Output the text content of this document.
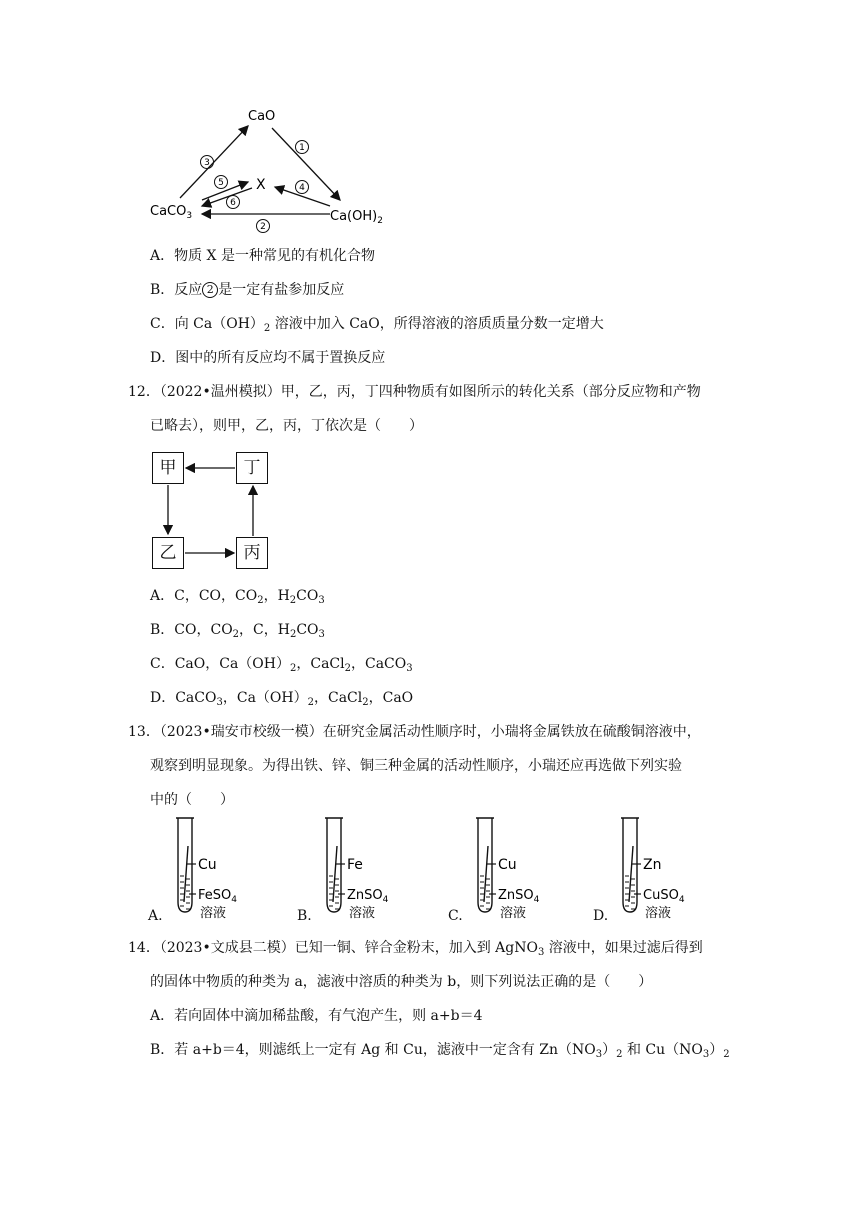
CaO
X
CaCO$_3$	$Ca(OH)_2$
1
3
5
6
4
2
A．物质 X 是一种常见的有机化合物
B．反应 2 是一定有盐参加反应
C．向 $Ca(OH)_2$ 溶液中加入 CaO，所得溶液的溶质质量分数一定增大
D．图中的所有反应均不属于置换反应
12．（2022•温州模拟）甲，乙，丙，丁四种物质有如图所示的转化关系（部分反应物和产物
已略去），则甲，乙，丙，丁依次是（　　）
甲	丁
乙	丙
A．C，CO，$CO_2$，$H_2CO_3$
B．CO，$CO_2$，C，$H_2CO_3$
C．CaO，$Ca(OH)_2$，CaCl$_2$，CaCO$_3$
D．CaCO$_3$，$Ca(OH)_2$，CaCl$_2$，CaO
13．（2023•瑞安市校级一模）在研究金属活动性顺序时，小瑞将金属铁放在硫酸铜溶液中，
观察到明显现象。为得出铁、锌、铜三种金属的活动性顺序，小瑞还应再选做下列实验
中的（　　）
A.
Cu
FeSO$_4$
溶液	B.
Fe
ZnSO$_4$
溶液	C.
Cu
ZnSO$_4$
溶液	D.
Zn
CuSO$_4$
溶液
14．（2023•文成县二模）已知一铜、锌合金粉末，加入到 AgNO$_3$ 溶液中，如果过滤后得到
的固体中物质的种类为 a，滤液中溶质的种类为 b，则下列说法正确的是（　　）
A．若向固体中滴加稀盐酸，有气泡产生，则 a+b＝4
B．若 a+b＝4，则滤纸上一定有 Ag 和 Cu，滤液中一定含有 $Zn(NO_3)_2$ 和 $Cu(NO_3)_2$
